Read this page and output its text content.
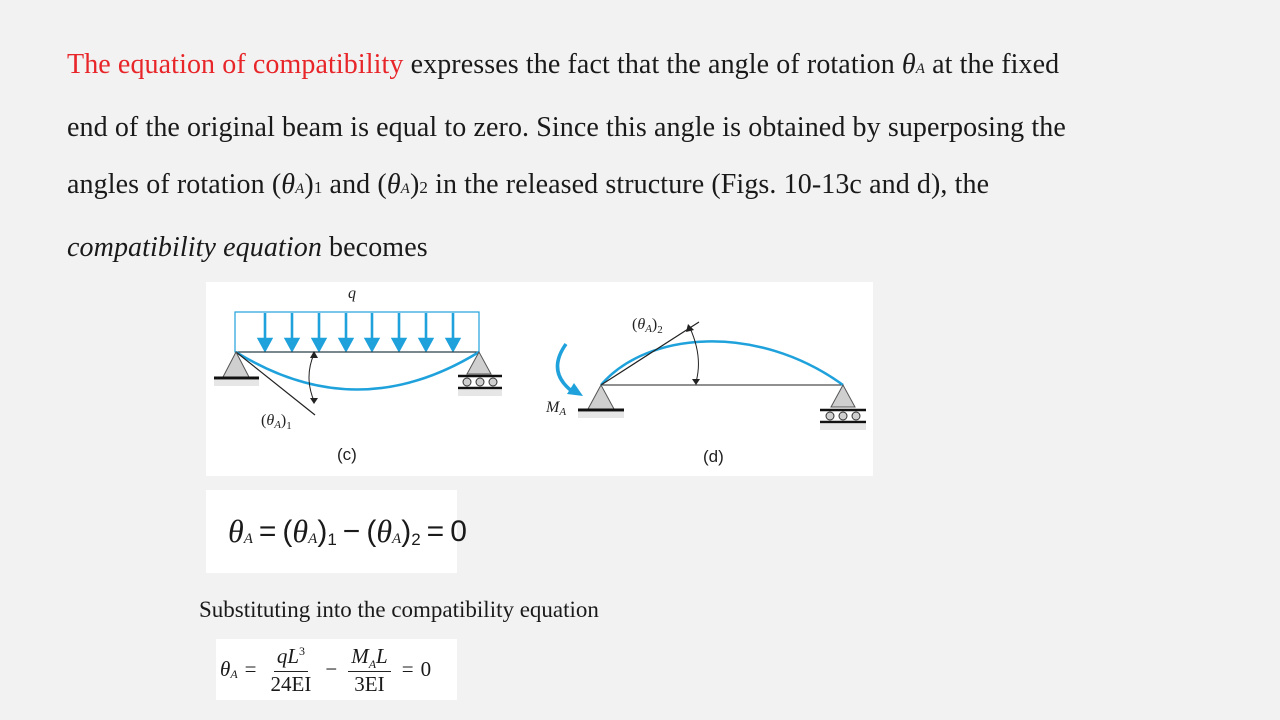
The equation of compatibility expresses the fact that the angle of rotation θA at the fixed
end of the original beam is equal to zero. Since this angle is obtained by superposing the
angles of rotation (θA)1 and (θA)2 in the released structure (Figs. 10-13c and d), the
compatibility equation becomes
q
$(\theta A)_1$
(c)
$(\theta A)_2$
MA
(d)
θ A = ( θ A ) 1 − ( θ A ) 2 = 0
Substituting into the compatibility equation
θ $A = \frac{qL^3}{24EI} - \frac{M_AL}{3EI} = 0$
